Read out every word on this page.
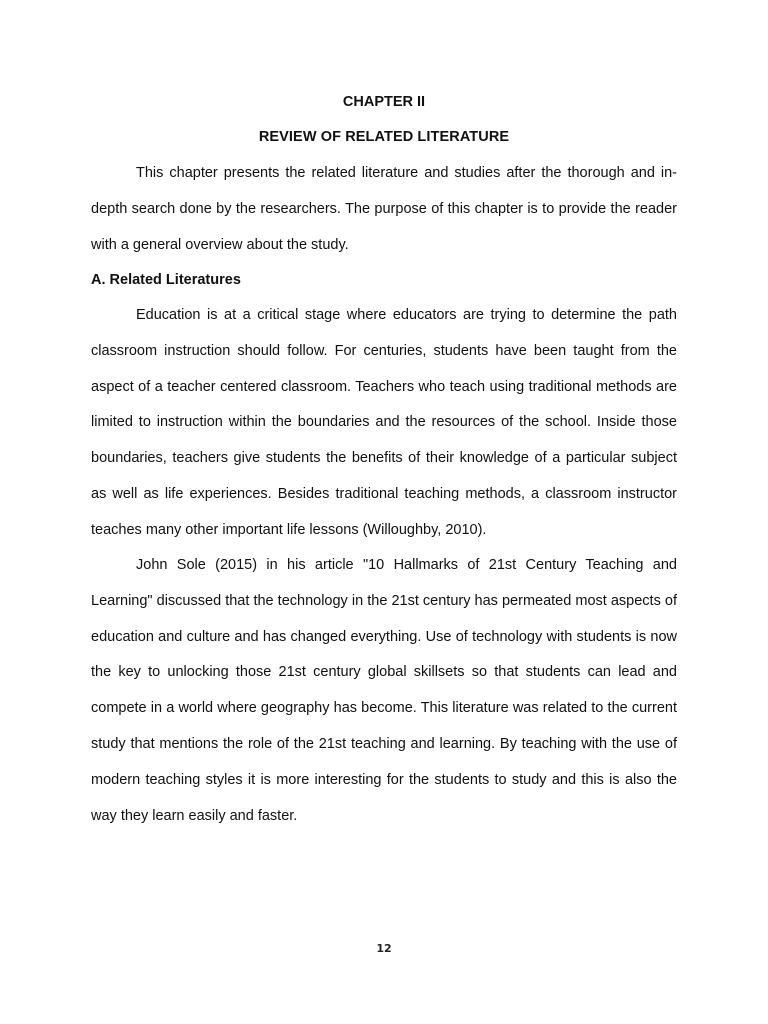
CHAPTER II
REVIEW OF RELATED LITERATURE

This chapter presents the related literature and studies after the thorough and in-depth search done by the researchers. The purpose of this chapter is to provide the reader with a general overview about the study.

A. Related Literatures

Education is at a critical stage where educators are trying to determine the path classroom instruction should follow. For centuries, students have been taught from the aspect of a teacher centered classroom. Teachers who teach using traditional methods are limited to instruction within the boundaries and the resources of the school. Inside those boundaries, teachers give students the benefits of their knowledge of a particular subject as well as life experiences. Besides traditional teaching methods, a classroom instructor teaches many other important life lessons (Willoughby, 2010).

John Sole (2015) in his article "10 Hallmarks of 21st Century Teaching and Learning" discussed that the technology in the 21st century has permeated most aspects of education and culture and has changed everything. Use of technology with students is now the key to unlocking those 21st century global skillsets so that students can lead and compete in a world where geography has become. This literature was related to the current study that mentions the role of the 21st teaching and learning. By teaching with the use of modern teaching styles it is more interesting for the students to study and this is also the way they learn easily and faster.

12
